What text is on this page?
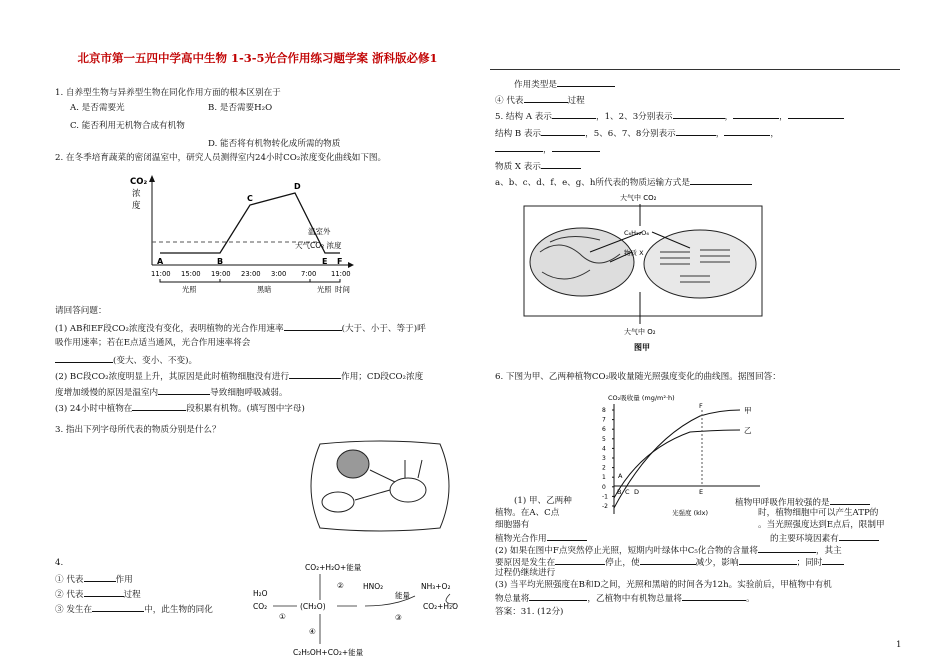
北京市第一五四中学高中生物 1-3-5光合作用练习题学案 浙科版必修1
1. 自养型生物与异养型生物在同化作用方面的根本区别在于
A. 是否需要光	B. 是否需要H₂O
C. 能否利用无机物合成有机物
D. 能否将有机物转化成所需的物质
2. 在冬季培育蔬菜的密闭温室中，研究人员测得室内24小时CO₂浓度变化曲线如下图。
CO₂
浓
度
温室外
大气CO₂ 浓度
A	B
C
D
E F
11:00 15:00 19:00 23:00 3:00 7:00 11:00
光照	黑暗	光照 时间
请回答问题：
(1) AB和EF段CO₂浓度没有变化，表明植物的光合作用速率	(大于、小于、等于)呼
吸作用速率；若在E点适当通风，光合作用速率将会
(变大、变小、不变)。
(2) BC段CO₂浓度明显上升，其原因是此时植物细胞没有进行	作用；CD段CO₂浓度
度增加缓慢的原因是温室内	导致细胞呼吸减弱。
(3) 24小时中植物在	段积累有机物。(填写图中字母)
3. 指出下列字母所代表的物质分别是什么？
4.
① 代表	作用
② 代表	过程
③ 发生在	中，此生物的同化
CO₂+H₂O+能量
H₂O
CO₂	(CH₂O)
HNO₂	NH₃+O₂
能量
CO₂+H₂O
C₂H₅OH+CO₂+能量
①
②
③
④
作用类型是
④ 代表	过程
5. 结构 A 表示	，1、2、3分别表示	，	，
结构 B 表示	，5、6、7、8分别表示	，	，
，
物质 X 表示
a、b、c、d、f、e、g、h所代表的物质运输方式是
大气中 CO₂
C₆H₁₂O₆
物质 X
大气中 O₂
图甲
6. 下图为甲、乙两种植物CO₂吸收量随光照强度变化的曲线图。据图回答：
CO₂吸收量 (mg/m²·h)
8
7
6
5
4
3
2
1
0
-1
-2
甲
乙
F
E
A
B C D
光强度 (klx)
(1) 甲、乙两种	植物甲呼吸作用较强的是
植物。在A、C点	时，植物细胞中可以产生ATP的
细胞器有	。当光照强度达到E点后，限制甲
植物光合作用	的主要环境因素有
(2) 如果在图中F点突然停止光照，短期内叶绿体中C₅化合物的含量将	，其主
要原因是发生在	停止，使	减少，影响	；同时
过程仍继续进行
(3) 当平均光照强度在B和D之间，光照和黑暗的时间各为12h。实验前后，甲植物中有机
物总量将	，乙植物中有机物总量将	。
答案：31. (12分)
1
